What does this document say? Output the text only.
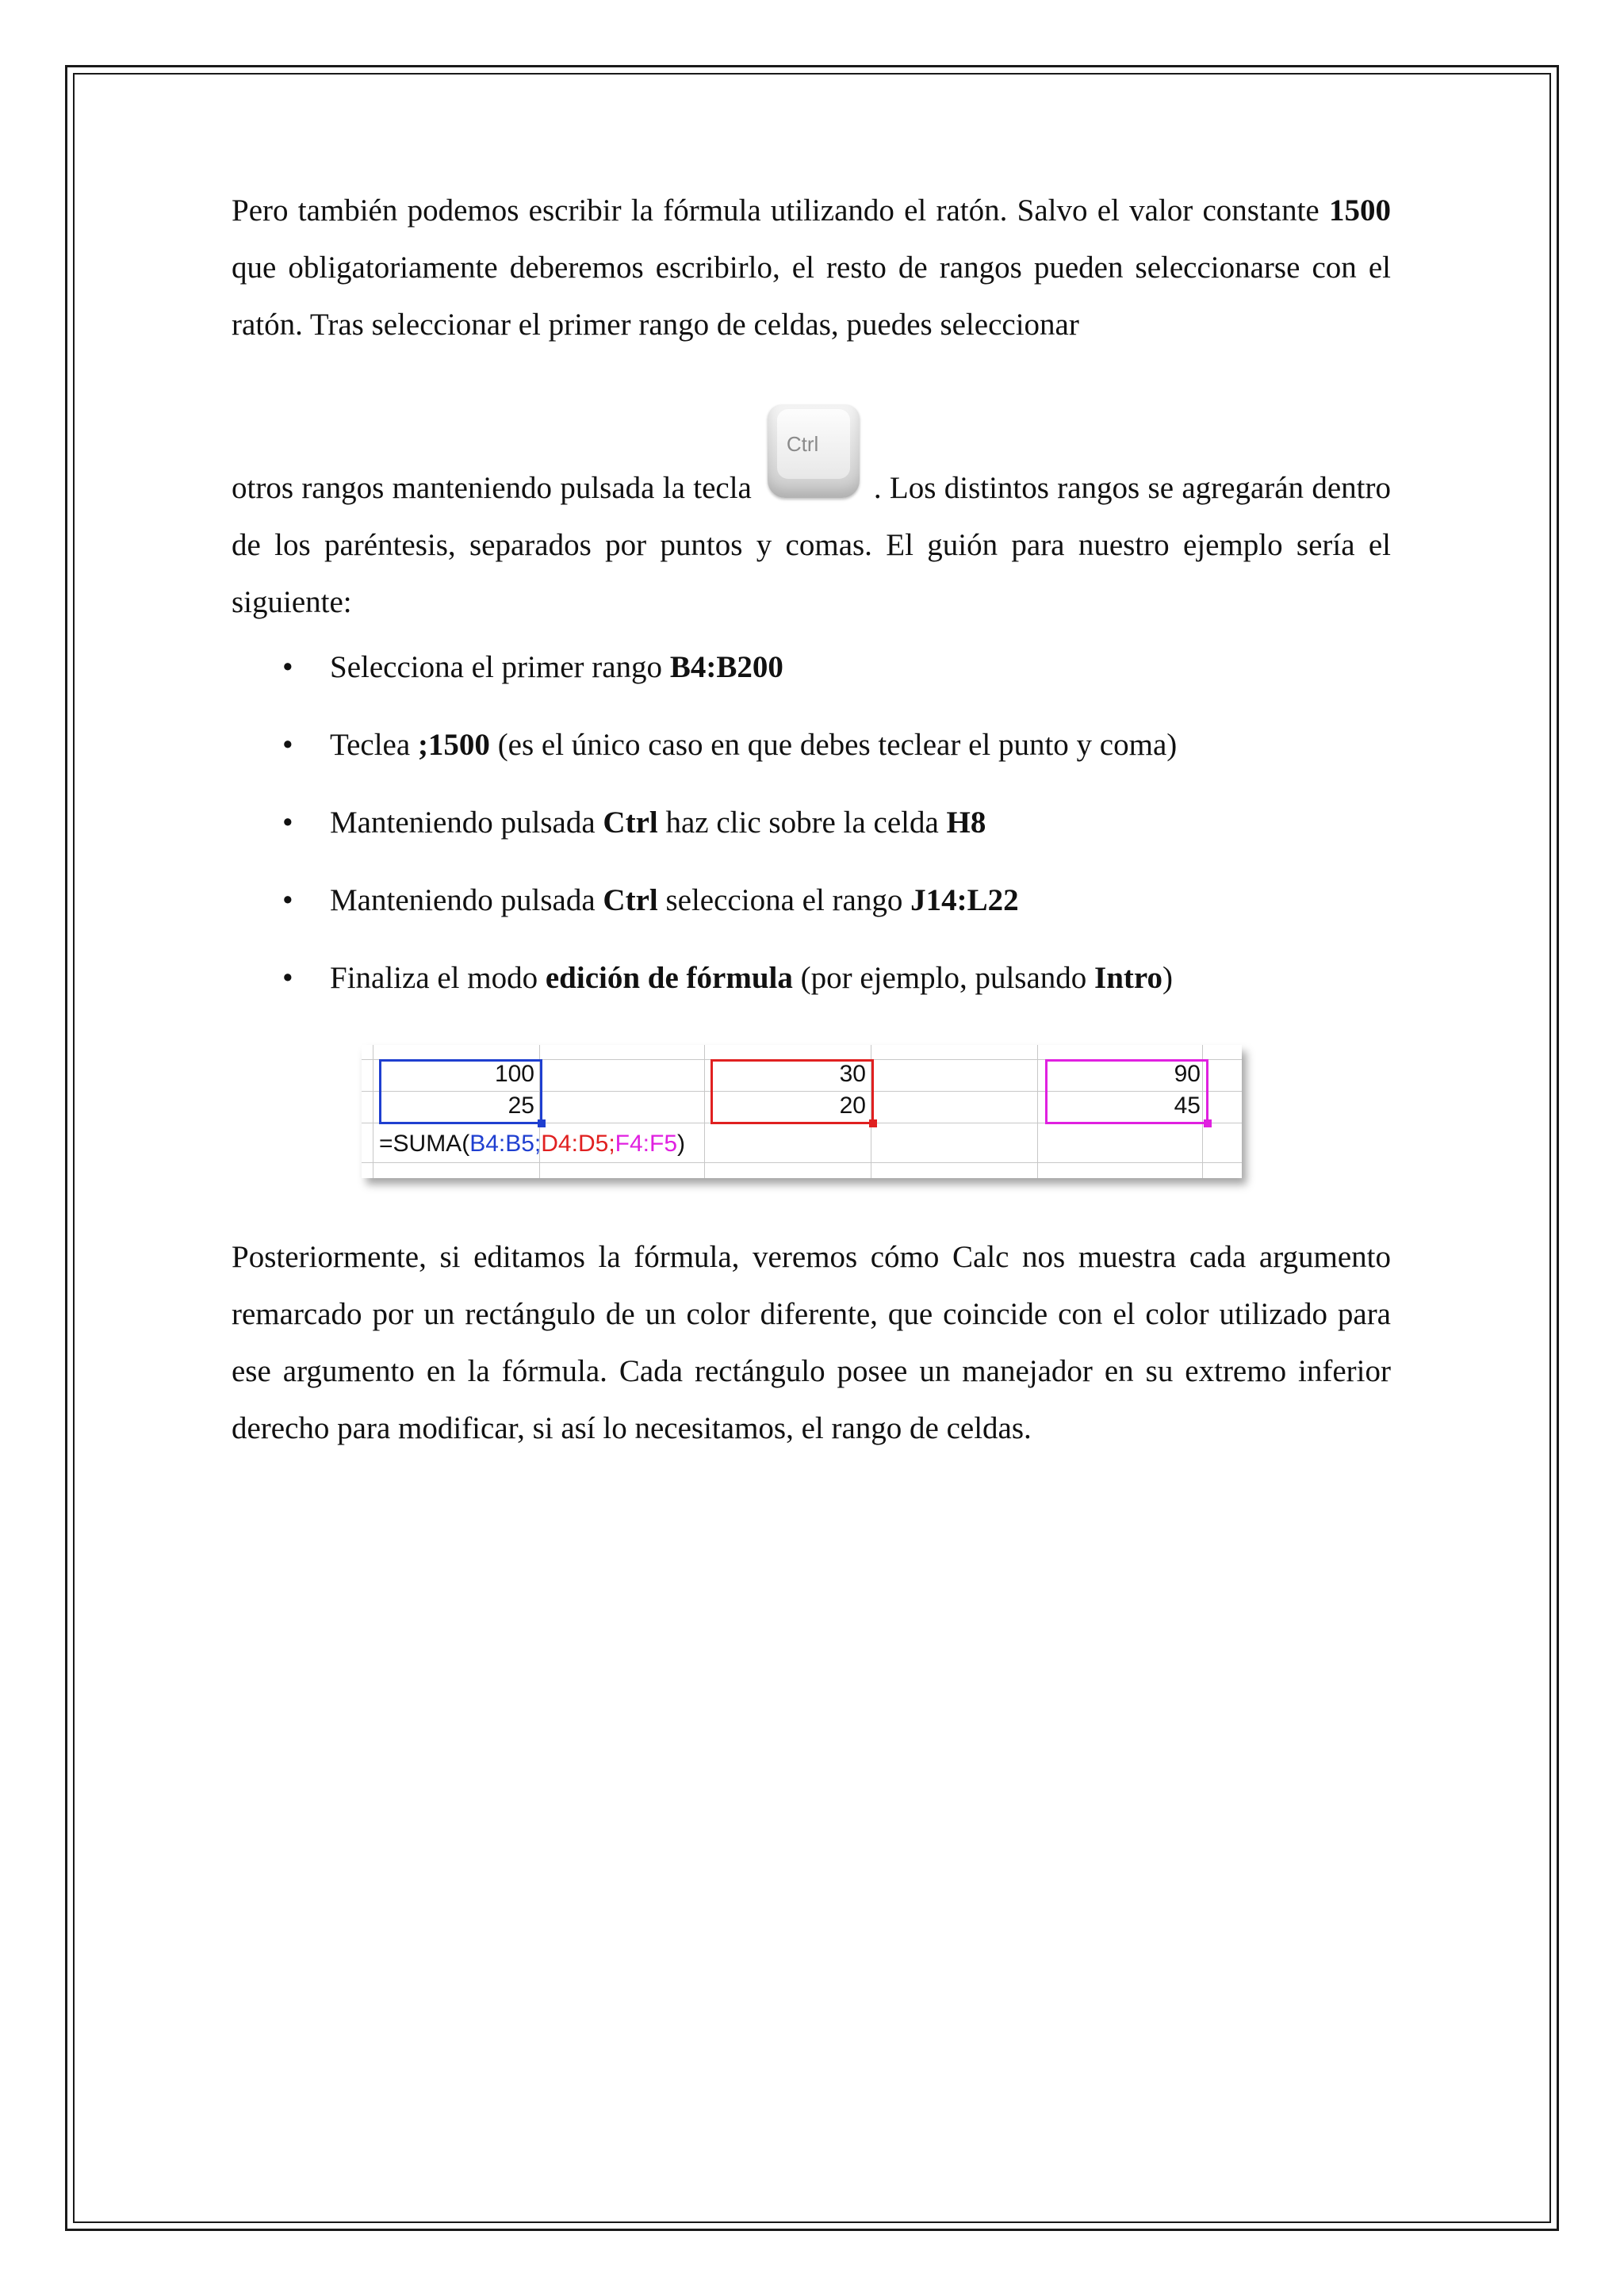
Pero también podemos escribir la fórmula utilizando el ratón. Salvo el valor constante 1500 que obligatoriamente deberemos escribirlo, el resto de rangos pueden seleccionarse con el ratón. Tras seleccionar el primer rango de celdas, puedes seleccionar

otros rangos manteniendo pulsada la tecla
Ctrl
. Los distintos rangos se agregarán dentro de los paréntesis, separados por puntos y comas. El guión para nuestro ejemplo sería el siguiente:

• Selecciona el primer rango B4:B200
• Teclea ;1500 (es el único caso en que debes teclear el punto y coma)
• Manteniendo pulsada Ctrl haz clic sobre la celda H8
• Manteniendo pulsada Ctrl selecciona el rango J14:L22
• Finaliza el modo edición de fórmula (por ejemplo, pulsando Intro)
100
25
30
20
90
45
=SUMA(B4:B5;D4:D5;F4:F5)

Posteriormente, si editamos la fórmula, veremos cómo Calc nos muestra cada argumento remarcado por un rectángulo de un color diferente, que coincide con el color utilizado para ese argumento en la fórmula. Cada rectángulo posee un manejador en su extremo inferior derecho para modificar, si así lo necesitamos, el rango de celdas.
